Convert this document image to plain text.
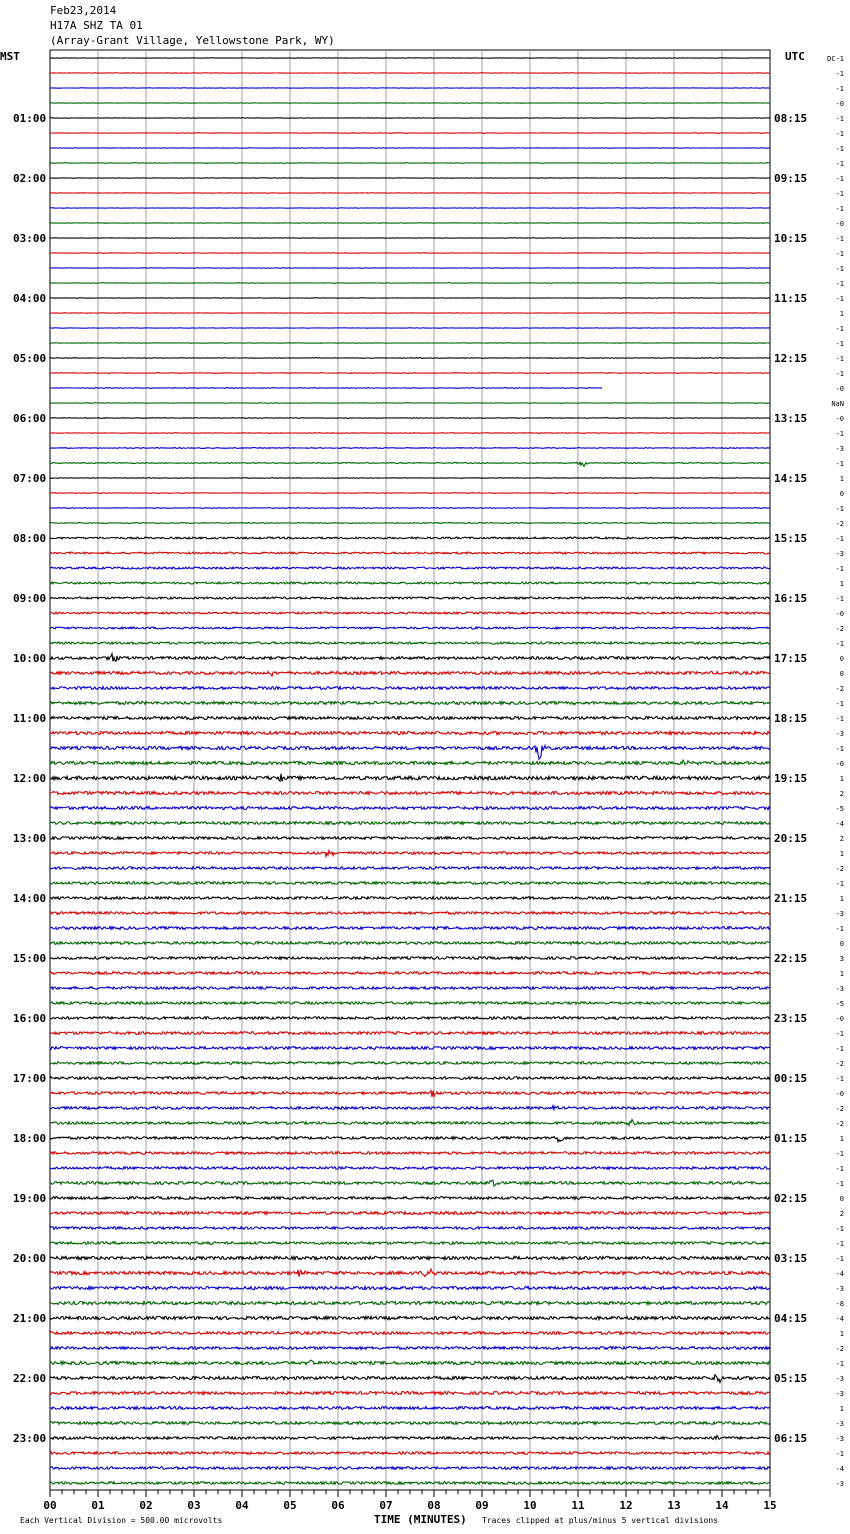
Feb23,2014
H17A SHZ TA 01
(Array-Grant Village, Yellowstone Park, WY)
01:00
02:00
03:00
04:00
05:00
06:00
07:00
08:00
09:00
10:00
11:00
12:00
13:00
14:00
15:00
16:00
17:00
18:00
19:00
20:00
21:00
22:00
23:00
08:15
09:15
10:15
11:15
12:15
13:15
14:15
15:15
16:15
17:15
18:15
19:15
20:15
21:15
22:15
23:15
00:15
01:15
02:15
03:15
04:15
05:15
06:15
DC-1
-1
-1
-0
-1
-1
-1
-1
-1
-1
-1
-0
-1
-1
-1
-1
-1
1
-1
-1
-1
-1
-0
NaN
-0
-1
-3
-1
1
0
-1
-2
-1
-3
-1
1
-1
-0
-2
-1
0
0
-2
-1
-1
-3
-1
-0
1
2
-5
-4
2
1
-2
-1
1
-3
-1
0
3
1
-3
-5
-0
-1
-1
-2
-1
-0
-2
-2
1
-1
-1
-1
0
2
-1
-1
-1
-4
-3
-8
-4
1
-2
-1
-3
-3
1
-3
-3
-1
-4
-3
00	01	02	03	04	05	06	07	08	09	10	11	12	13	14	15
MST	UTC
Each Vertical Division = 500.00 microvolts	TIME (MINUTES) Traces clipped at plus/minus 5 vertical divisions
